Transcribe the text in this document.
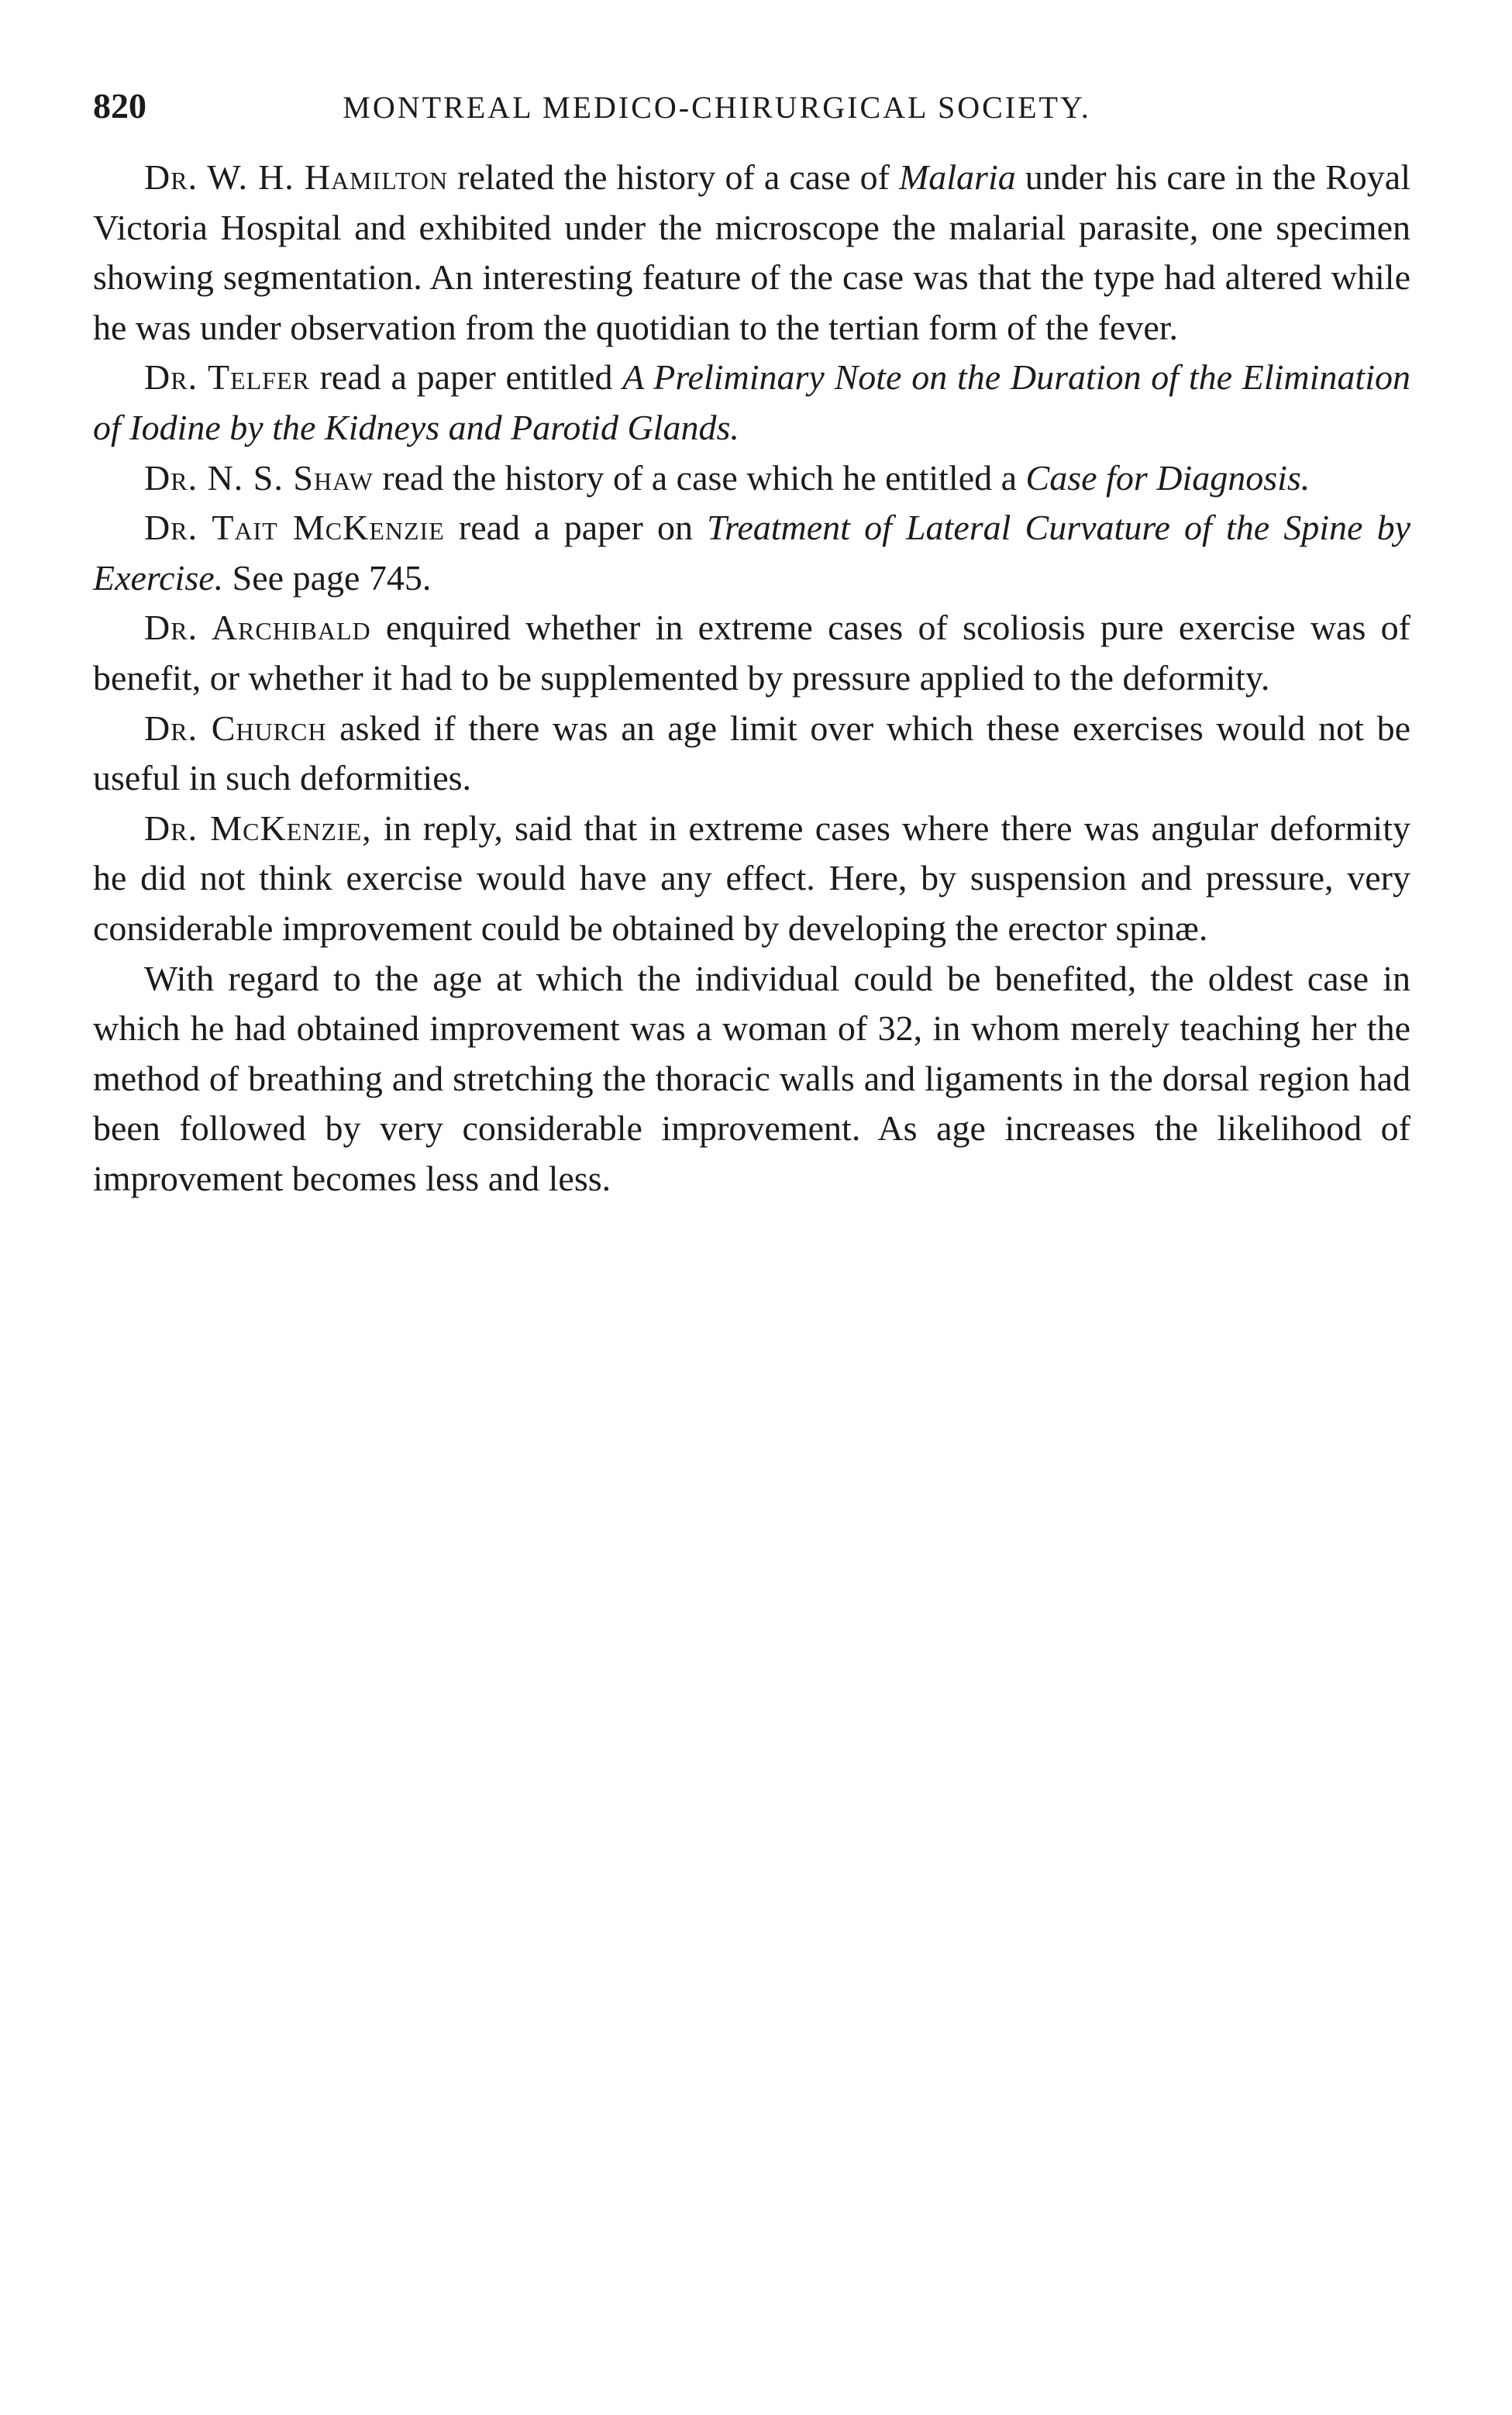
820	MONTREAL MEDICO-CHIRURGICAL SOCIETY.

Dr. W. H. Hamilton related the history of a case of Malaria under his care in the Royal Victoria Hospital and exhibited under the microscope the malarial parasite, one specimen showing segmentation. An interesting feature of the case was that the type had altered while he was under observation from the quotidian to the tertian form of the fever.

Dr. Telfer read a paper entitled A Preliminary Note on the Duration of the Elimination of Iodine by the Kidneys and Parotid Glands.

Dr. N. S. Shaw read the history of a case which he entitled a Case for Diagnosis.

Dr. Tait McKenzie read a paper on Treatment of Lateral Curvature of the Spine by Exercise. See page 745.

Dr. Archibald enquired whether in extreme cases of scoliosis pure exercise was of benefit, or whether it had to be supplemented by pressure applied to the deformity.

Dr. Church asked if there was an age limit over which these exercises would not be useful in such deformities.

Dr. McKenzie, in reply, said that in extreme cases where there was angular deformity he did not think exercise would have any effect. Here, by suspension and pressure, very considerable improvement could be obtained by developing the erector spinæ.

With regard to the age at which the individual could be benefited, the oldest case in which he had obtained improvement was a woman of 32, in whom merely teaching her the method of breathing and stretching the thoracic walls and ligaments in the dorsal region had been followed by very considerable improvement. As age increases the likelihood of improvement becomes less and less.
